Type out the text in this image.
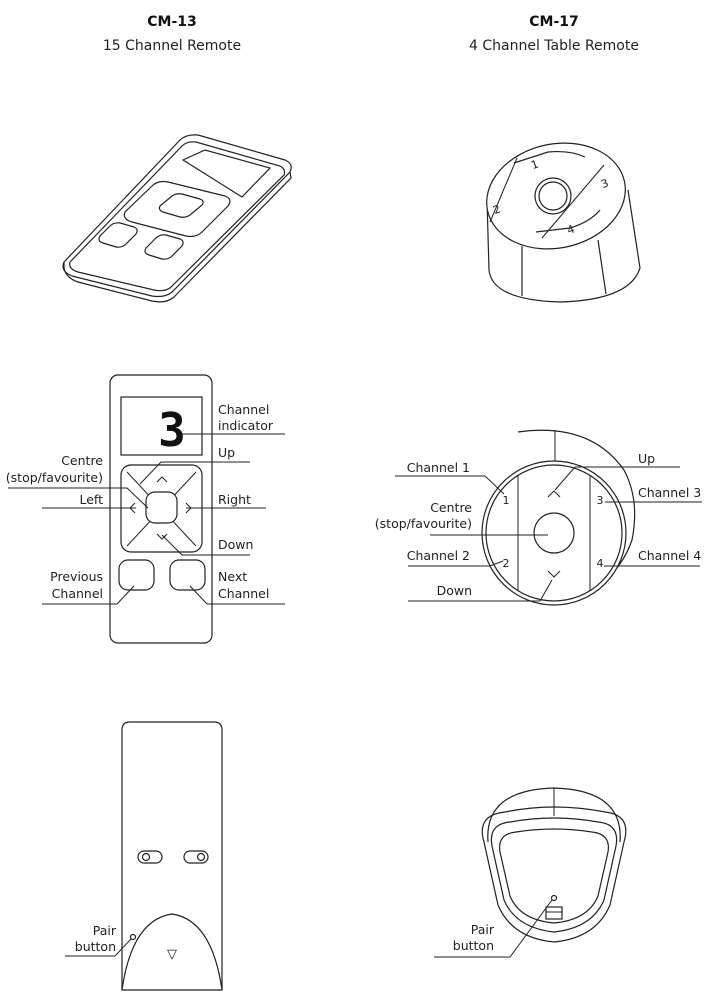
CM-13
15 Channel Remote
CM-17
4 Channel Table Remote
1
2
3
4
3	Channel
indicator
Up
Centre
(stop/favourite)
Left	Right
Down
Previous
Channel
Next
Channel
1
2
3
4
Up
Channel 1
Channel 3
Centre
(stop/favourite)
Channel 2	Channel 4
Down
▽
Pair
button
Pair
button
